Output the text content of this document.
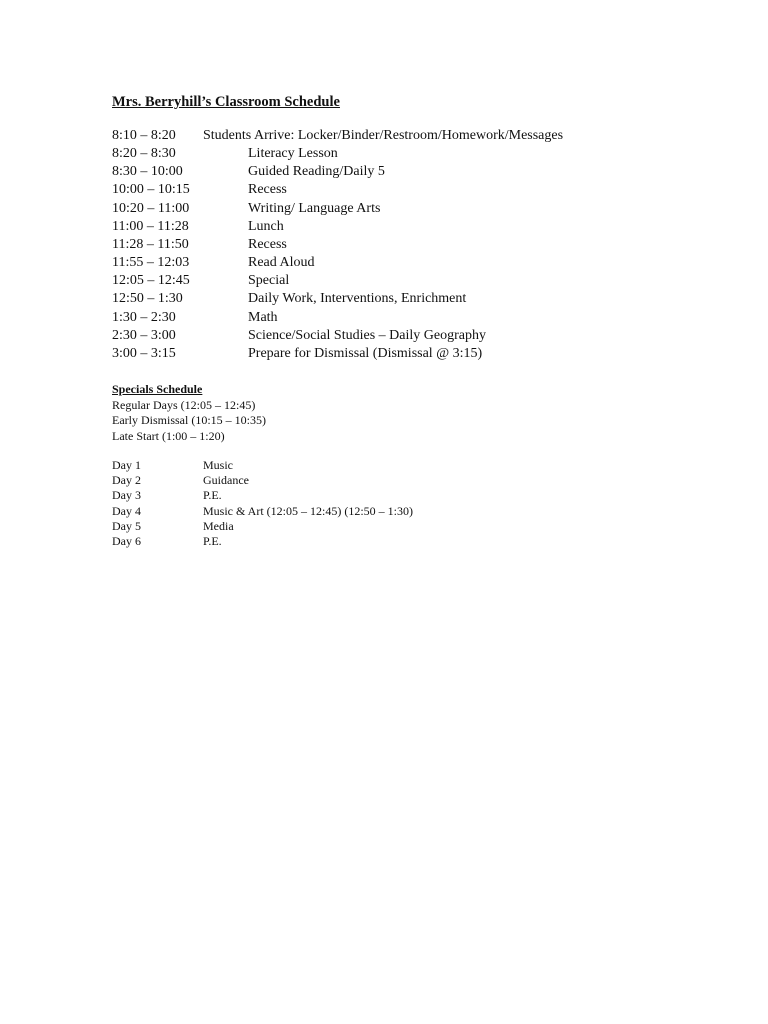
Mrs. Berryhill’s Classroom Schedule
8:10 – 8:20	Students Arrive: Locker/Binder/Restroom/Homework/Messages
8:20 – 8:30	Literacy Lesson
8:30 – 10:00	Guided Reading/Daily 5
10:00 – 10:15	Recess
10:20 – 11:00	Writing/ Language Arts
11:00 – 11:28	Lunch
11:28 – 11:50	Recess
11:55 – 12:03	Read Aloud
12:05 – 12:45	Special
12:50 – 1:30	Daily Work, Interventions, Enrichment
1:30 – 2:30	Math
2:30 – 3:00	Science/Social Studies – Daily Geography
3:00 – 3:15	Prepare for Dismissal (Dismissal @ 3:15)
Specials Schedule
Regular Days (12:05 – 12:45)
Early Dismissal (10:15 – 10:35)
Late Start (1:00 – 1:20)
Day 1	Music
Day 2	Guidance
Day 3	P.E.
Day 4	Music & Art (12:05 – 12:45) (12:50 – 1:30)
Day 5	Media
Day 6	P.E.
